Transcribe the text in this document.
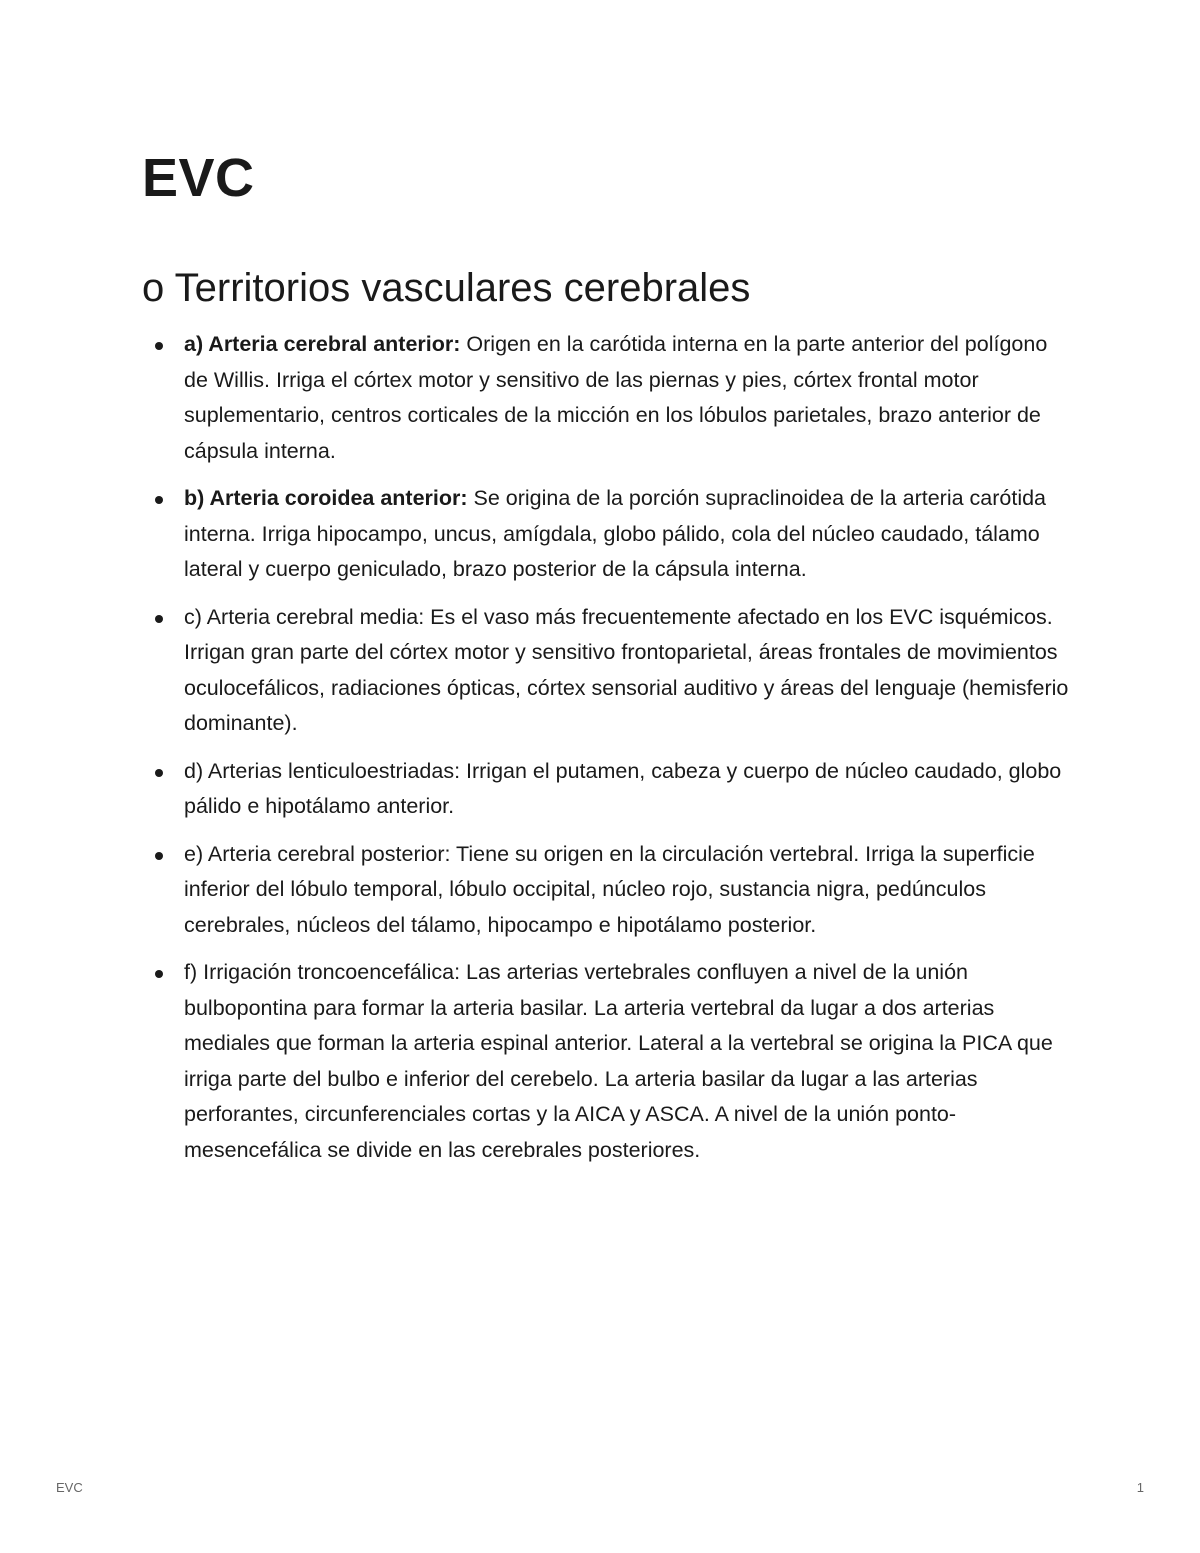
EVC
o Territorios vasculares cerebrales
a) Arteria cerebral anterior: Origen en la carótida interna en la parte anterior del polígono de Willis. Irriga el córtex motor y sensitivo de las piernas y pies, córtex frontal motor suplementario, centros corticales de la micción en los lóbulos parietales, brazo anterior de cápsula interna.
b) Arteria coroidea anterior: Se origina de la porción supraclinoidea de la arteria carótida interna. Irriga hipocampo, uncus, amígdala, globo pálido, cola del núcleo caudado, tálamo lateral y cuerpo geniculado, brazo posterior de la cápsula interna.
c) Arteria cerebral media: Es el vaso más frecuentemente afectado en los EVC isquémicos. Irrigan gran parte del córtex motor y sensitivo frontoparietal, áreas frontales de movimientos oculocefálicos, radiaciones ópticas, córtex sensorial auditivo y áreas del lenguaje (hemisferio dominante).
d) Arterias lenticuloestriadas: Irrigan el putamen, cabeza y cuerpo de núcleo caudado, globo pálido e hipotálamo anterior.
e) Arteria cerebral posterior: Tiene su origen en la circulación vertebral. Irriga la superficie inferior del lóbulo temporal, lóbulo occipital, núcleo rojo, sustancia nigra, pedúnculos cerebrales, núcleos del tálamo, hipocampo e hipotálamo posterior.
f) Irrigación troncoencefálica: Las arterias vertebrales confluyen a nivel de la unión bulbopontina para formar la arteria basilar. La arteria vertebral da lugar a dos arterias mediales que forman la arteria espinal anterior. Lateral a la vertebral se origina la PICA que irriga parte del bulbo e inferior del cerebelo. La arteria basilar da lugar a las arterias perforantes, circunferenciales cortas y la AICA y ASCA. A nivel de la unión ponto-mesencefálica se divide en las cerebrales posteriores.
EVC	1
